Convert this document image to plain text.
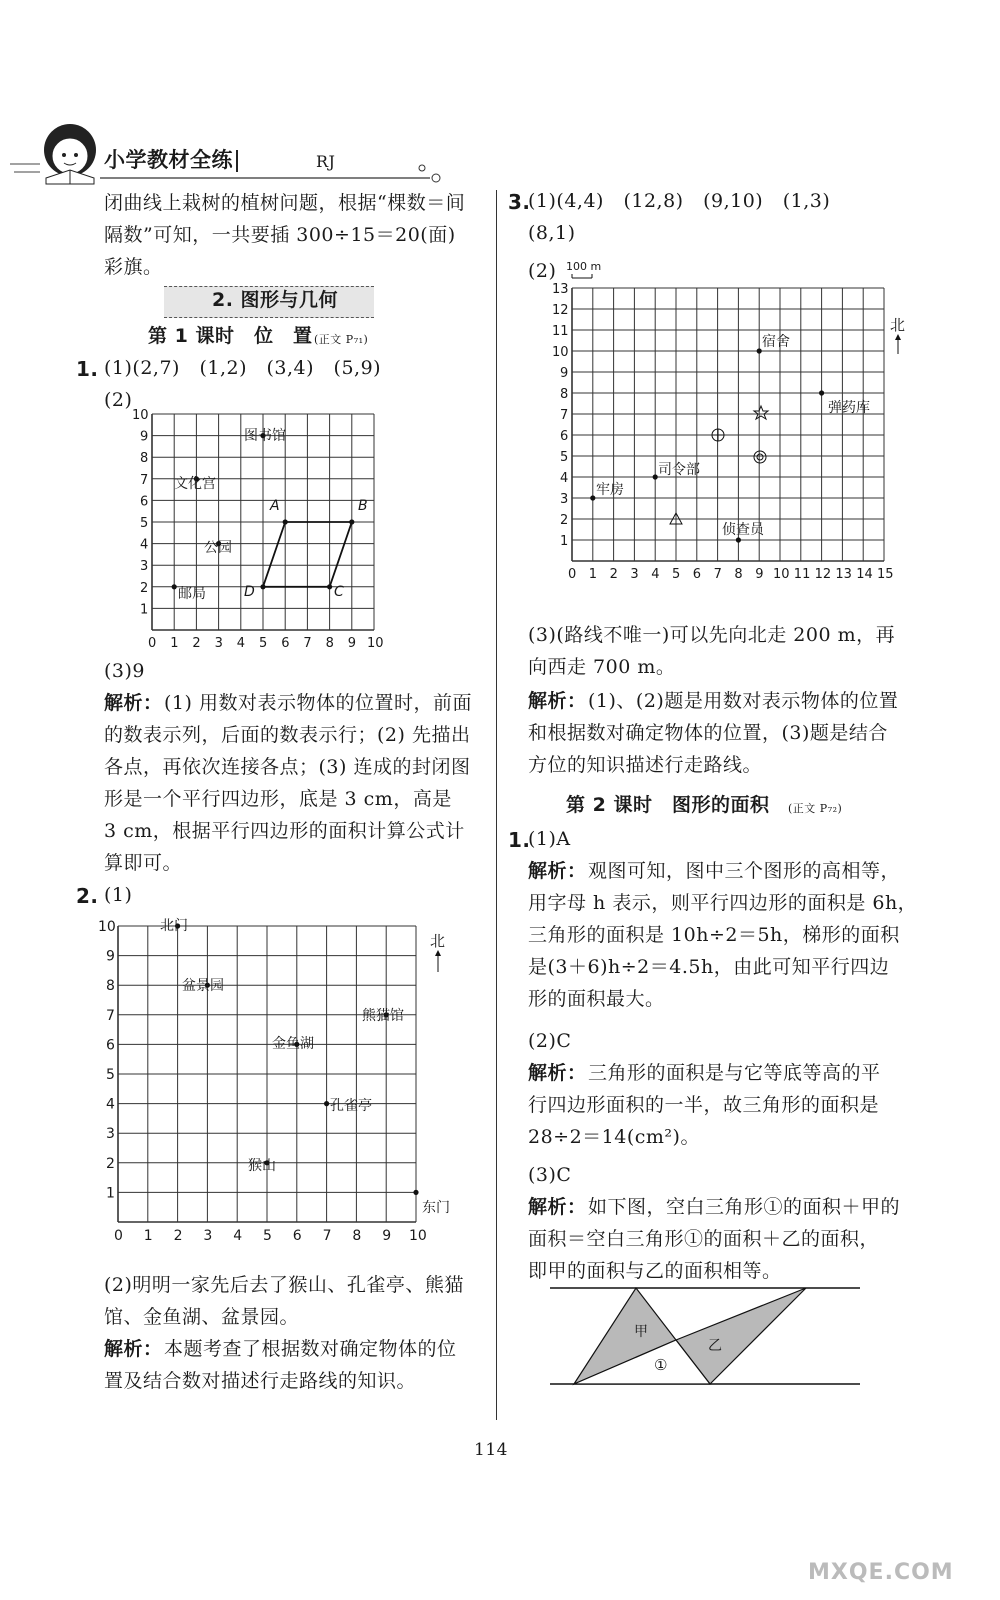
小学教材全练	RJ
闭曲线上栽树的植树问题，根据“棵数＝间
隔数”可知，一共要插 300÷15＝20(面)
彩旗。
2. 图形与几何
第 1 课时　位　置 (正文 P₇₁)
1. (1)(2,7)　(1,2)　(3,4)　(5,9)
(2)
0 1 2 3 4 5 6 7 8 9 10
1
2
3
4
5
6
7
8
9
10
图书馆
文化宫
公园
邮局
A	B
C
D
(3)9
解析： (1) 用数对表示物体的位置时，前面
的数表示列，后面的数表示行；(2) 先描出
各点，再依次连接各点；(3) 连成的封闭图
形是一个平行四边形，底是 3 cm，高是
3 cm，根据平行四边形的面积计算公式计
算即可。
2. (1)
0 1 2 3 4 5 6 7 8 9 10
1
2
3
4
5
6
7
8
9
10	北门
盆景园
熊猫馆
金鱼湖
孔雀亭
猴山
东门
北
(2)明明一家先后去了猴山、孔雀亭、熊猫
馆、金鱼湖、盆景园。
解析： 本题考查了根据数对确定物体的位
置及结合数对描述行走路线的知识。
3.
(1)(4,4)　(12,8)　(9,10)　(1,3)
(8,1)
(2) 100 m
0 1 2 3 4 5 6 7 8 9 10 11 12 13 14 15
1
2
3
4
5
6
7
8
9
10
11
12
13
宿舍
弹药库
司令部
牢房
侦查员
北
(3)(路线不唯一)可以先向北走 200 m，再
向西走 700 m。
解析： (1)、(2)题是用数对表示物体的位置
和根据数对确定物体的位置，(3)题是结合
方位的知识描述行走路线。
第 2 课时　图形的面积 (正文 P₇₂)
1.
(1)A
解析： 观图可知，图中三个图形的高相等，
用字母 h 表示，则平行四边形的面积是 6h，
三角形的面积是 10h÷2＝5h，梯形的面积
是(3＋6)h÷2＝4.5h，由此可知平行四边
形的面积最大。
(2)C
解析： 三角形的面积是与它等底等高的平
行四边形面积的一半，故三角形的面积是
28÷2＝14(cm²)。
(3)C
解析： 如下图，空白三角形①的面积＋甲的
面积＝空白三角形①的面积＋乙的面积，
即甲的面积与乙的面积相等。
甲
乙
①
114
MXQE.COM
